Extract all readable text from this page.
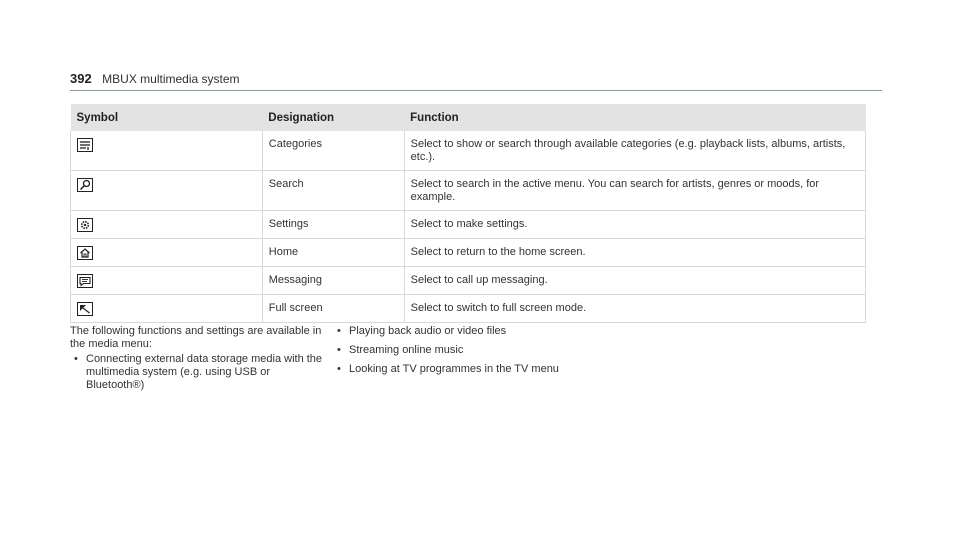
392 MBUX multimedia system
Symbol	Designation	Function

	Categories	Select to show or search through available categories (e.g. playback lists, albums, artists, etc.).

	Search	Select to search in the active menu. You can search for artists, genres or moods, for example.

	Settings	Select to make settings.

	Home	Select to return to the home screen.

	Messaging	Select to call up messaging.

	Full screen	Select to switch to full screen mode.
The following functions and settings are available in the media menu:
• Connecting external data storage media with the multimedia system (e.g. using USB or Bluetooth®)
• Playing back audio or video files
• Streaming online music
• Looking at TV programmes in the TV menu
